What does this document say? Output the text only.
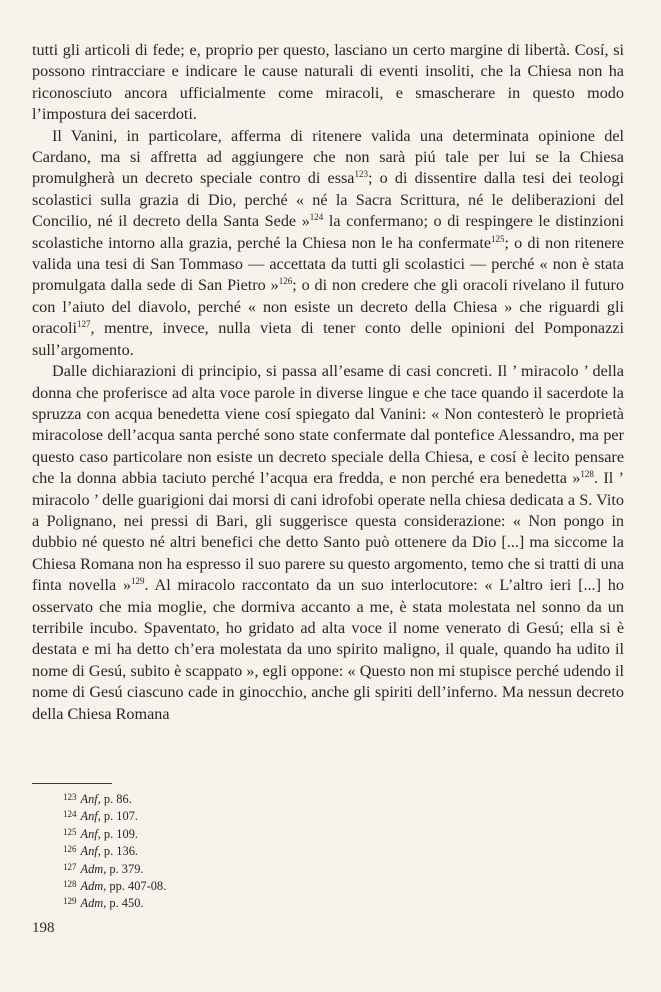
tutti gli articoli di fede; e, proprio per questo, lasciano un certo margine di libertà. Cosí, si possono rintracciare e indicare le cause naturali di eventi insoliti, che la Chiesa non ha riconosciuto ancora ufficialmente come miracoli, e smascherare in questo modo l’impostura dei sacerdoti.

Il Vanini, in particolare, afferma di ritenere valida una determinata opinione del Cardano, ma si affretta ad aggiungere che non sarà piú tale per lui se la Chiesa promulgherà un decreto speciale contro di essa$^{123}$; o di dissentire dalla tesi dei teologi scolastici sulla grazia di Dio, perché « né la Sacra Scrittura, né le deliberazioni del Concilio, né il decreto della Santa Sede »$^{124}$ la confermano; o di respingere le distinzioni scolastiche intorno alla grazia, perché la Chiesa non le ha confermate$^{125}$; o di non ritenere valida una tesi di San Tommaso — accettata da tutti gli scolastici — perché « non è stata promulgata dalla sede di San Pietro »$^{126}$; o di non credere che gli oracoli rivelano il futuro con l’aiuto del diavolo, perché « non esiste un decreto della Chiesa » che riguardi gli oracoli$^{127}$, mentre, invece, nulla vieta di tener conto delle opinioni del Pomponazzi sull’argomento.

Dalle dichiarazioni di principio, si passa all’esame di casi concreti. Il ’ miracolo ’ della donna che proferisce ad alta voce parole in diverse lingue e che tace quando il sacerdote la spruzza con acqua benedetta viene cosí spiegato dal Vanini: « Non contesterò le proprietà miracolose dell’acqua santa perché sono state confermate dal pontefice Alessandro, ma per questo caso particolare non esiste un decreto speciale della Chiesa, e cosí è lecito pensare che la donna abbia taciuto perché l’acqua era fredda, e non perché era benedetta »$^{128}$. Il ’ miracolo ’ delle guarigioni dai morsi di cani idrofobi operate nella chiesa dedicata a S. Vito a Polignano, nei pressi di Bari, gli suggerisce questa considerazione: « Non pongo in dubbio né questo né altri benefici che detto Santo può ottenere da Dio [...] ma siccome la Chiesa Romana non ha espresso il suo parere su questo argomento, temo che si tratti di una finta novella »$^{129}$. Al miracolo raccontato da un suo interlocutore: « L’altro ieri [...] ho osservato che mia moglie, che dormiva accanto a me, è stata molestata nel sonno da un terribile incubo. Spaventato, ho gridato ad alta voce il nome venerato di Gesú; ella si è destata e mi ha detto ch’era molestata da uno spirito maligno, il quale, quando ha udito il nome di Gesú, subito è scappato », egli oppone: « Questo non mi stupisce perché udendo il nome di Gesú ciascuno cade in ginocchio, anche gli spiriti dell’inferno. Ma nessun decreto della Chiesa Romana

$^{123}$ Anf, p. 86.
$^{124}$ Anf, p. 107.
$^{125}$ Anf, p. 109.
$^{126}$ Anf, p. 136.
$^{127}$ Adm, p. 379.
$^{128}$ Adm, pp. 407-08.
$^{129}$ Adm, p. 450.
198
